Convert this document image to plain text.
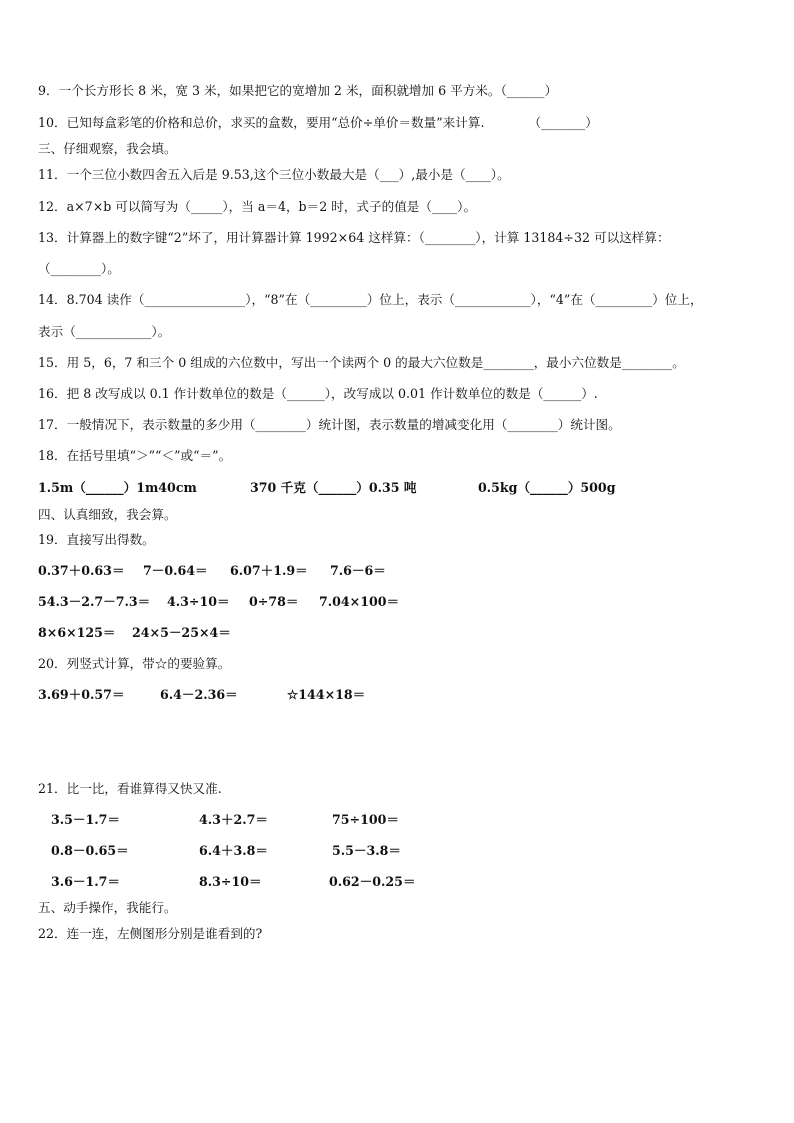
9．一个长方形长 8 米，宽 3 米，如果把它的宽增加 2 米，面积就增加 6 平方米。（______）
10．已知每盒彩笔的价格和总价，求买的盒数，要用“总价÷单价＝数量”来计算.　　　　（_______）
三、仔细观察，我会填。
11．一个三位小数四舍五入后是 9.53,这个三位小数最大是（___）,最小是（____）。
12．a×7×b 可以简写为（_____），当 a＝4，b＝2 时，式子的值是（____）。
13．计算器上的数字键“2”坏了，用计算器计算 1992×64 这样算：（________），计算 13184÷32 可以这样算：
（________）。
14．8.704 读作（________________），“8”在（_________）位上，表示（____________），“4”在（_________）位上，
表示（____________）。
15．用 5，6，7 和三个 0 组成的六位数中，写出一个读两个 0 的最大六位数是________，最小六位数是________。
16．把 8 改写成以 0.1 作计数单位的数是（______），改写成以 0.01 作计数单位的数是（______）.
17．一般情况下，表示数量的多少用（________）统计图，表示数量的增减变化用（________）统计图。
18．在括号里填“＞”“＜”或“＝”。
1.5m（______）1m40cm	370 千克（______）0.35 吨	0.5kg（______）500g
四、认真细致，我会算。
19．直接写出得数。
0.37＋0.63＝ 7－0.64＝ 6.07＋1.9＝ 7.6－6＝
54.3－2.7－7.3＝ 4.3÷10＝ 0÷78＝ 7.04×100＝
8×6×125＝ 24×5－25×4＝
20．列竖式计算，带☆的要验算。
3.69＋0.57＝	6.4－2.36＝	☆144×18＝
21．比一比，看谁算得又快又准.
3.5－1.7＝	4.3＋2.7＝	75÷100＝
0.8－0.65＝	6.4＋3.8＝	5.5－3.8＝
3.6－1.7＝	8.3÷10＝	0.62－0.25＝
五、动手操作，我能行。
22．连一连，左侧图形分别是谁看到的?
